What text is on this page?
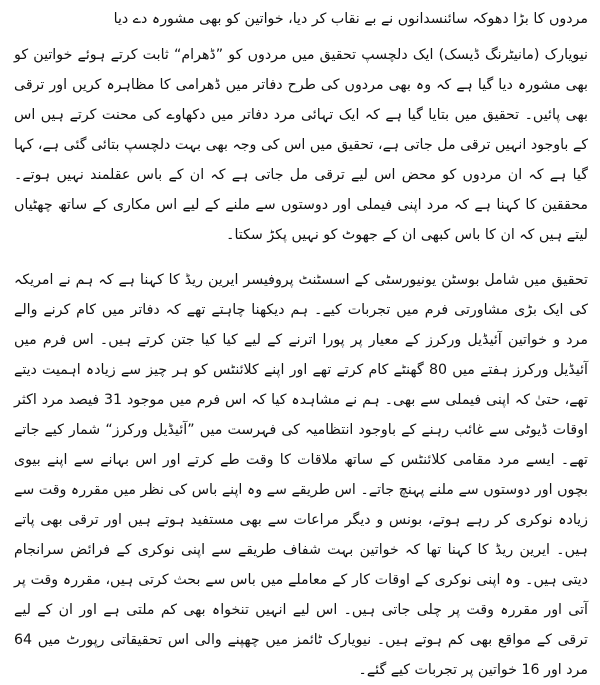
مردوں کا بڑا دھوکہ سائنسدانوں نے بے نقاب کر دیا، خواتین کو بھی مشورہ دے دیا

نیویارک (مانیٹرنگ ڈیسک) ایک دلچسپ تحقیق میں مردوں کو ”ڈھرام“ ثابت کرتے ہوئے خواتین کو بھی مشورہ دیا گیا ہے کہ وہ بھی مردوں کی طرح دفاتر میں ڈھرامی کا مظاہرہ کریں اور ترقی بھی پائیں۔ تحقیق میں بتایا گیا ہے کہ ایک تہائی مرد دفاتر میں دکھاوے کی محنت کرتے ہیں اس کے باوجود انہیں ترقی مل جاتی ہے، تحقیق میں اس کی وجہ بھی بہت دلچسپ بتائی گئی ہے، کہا گیا ہے کہ ان مردوں کو محض اس لیے ترقی مل جاتی ہے کہ ان کے باس عقلمند نہیں ہوتے۔ محققین کا کہنا ہے کہ مرد اپنی فیملی اور دوستوں سے ملنے کے لیے اس مکاری کے ساتھ چھٹیاں لیتے ہیں کہ ان کا باس کبھی ان کے جھوٹ کو نہیں پکڑ سکتا۔

تحقیق میں شامل بوسٹن یونیورسٹی کے اسسٹنٹ پروفیسر ایرین ریڈ کا کہنا ہے کہ ہم نے امریکہ کی ایک بڑی مشاورتی فرم میں تجربات کیے۔ ہم دیکھنا چاہتے تھے کہ دفاتر میں کام کرنے والے مرد و خواتین آئیڈیل ورکرز کے معیار پر پورا اترنے کے لیے کیا کیا جتن کرتے ہیں۔ اس فرم میں آئیڈیل ورکرز ہفتے میں 80 گھنٹے کام کرتے تھے اور اپنے کلائنٹس کو ہر چیز سے زیادہ اہمیت دیتے تھے، حتیٰ کہ اپنی فیملی سے بھی۔ ہم نے مشاہدہ کیا کہ اس فرم میں موجود 31 فیصد مرد اکثر اوقات ڈیوٹی سے غائب رہنے کے باوجود انتظامیہ کی فہرست میں ”آئیڈیل ورکرز“ شمار کیے جاتے تھے۔ ایسے مرد مقامی کلائنٹس کے ساتھ ملاقات کا وقت طے کرتے اور اس بہانے سے اپنے بیوی بچوں اور دوستوں سے ملنے پہنچ جاتے۔ اس طریقے سے وہ اپنے باس کی نظر میں مقررہ وقت سے زیادہ نوکری کر رہے ہوتے، بونس و دیگر مراعات سے بھی مستفید ہوتے ہیں اور ترقی بھی پاتے ہیں۔ ایرین ریڈ کا کہنا تھا کہ خواتین بہت شفاف طریقے سے اپنی نوکری کے فرائض سرانجام دیتی ہیں۔ وہ اپنی نوکری کے اوقات کار کے معاملے میں باس سے بحث کرتی ہیں، مقررہ وقت پر آتی اور مقررہ وقت پر چلی جاتی ہیں۔ اس لیے انہیں تنخواہ بھی کم ملتی ہے اور ان کے لیے ترقی کے مواقع بھی کم ہوتے ہیں۔ نیویارک ٹائمز میں چھپنے والی اس تحقیقاتی رپورٹ میں 64 مرد اور 16 خواتین پر تجربات کیے گئے۔
